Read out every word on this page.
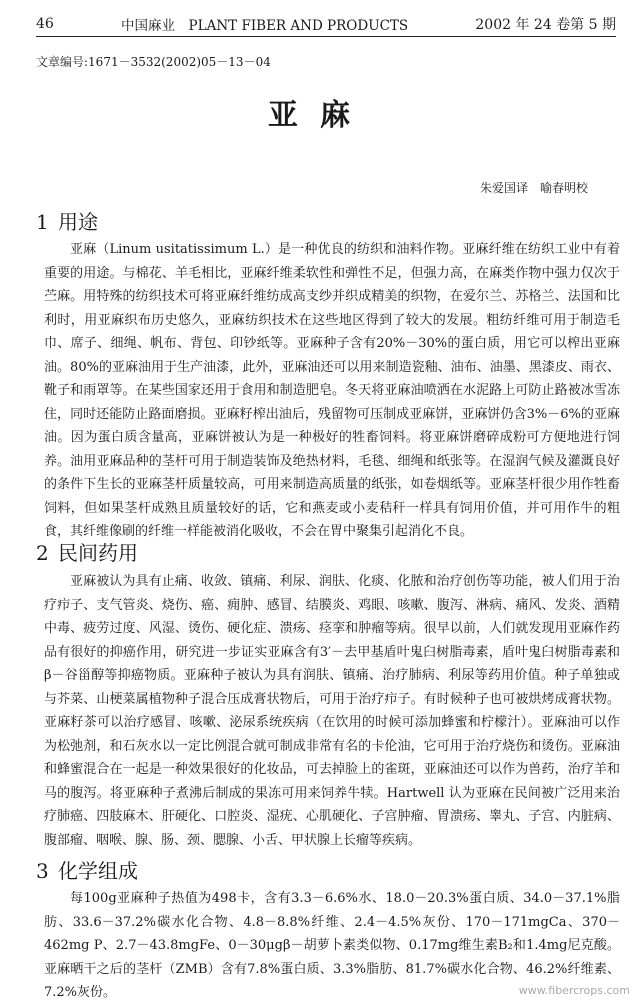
46	中国麻业　PLANT FIBER AND PRODUCTS	2002 年 24 卷第 5 期
文章编号:1671－3532(2002)05－13－04
亚麻
朱爱国译　喻春明校
1 用途

亚麻（Linum usitatissimum L.）是一种优良的纺织和油料作物。亚麻纤维在纺织工业中有着重要的用途。与棉花、羊毛相比，亚麻纤维柔软性和弹性不足，但强力高，在麻类作物中强力仅次于苎麻。用特殊的纺织技术可将亚麻纤维纺成高支纱并织成精美的织物，在爱尔兰、苏格兰、法国和比利时，用亚麻织布历史悠久，亚麻纺织技术在这些地区得到了较大的发展。粗纺纤维可用于制造毛巾、席子、细绳、帆布、背包、印钞纸等。亚麻种子含有20%－30%的蛋白质，用它可以榨出亚麻油。80%的亚麻油用于生产油漆，此外，亚麻油还可以用来制造瓷釉、油布、油墨、黑漆皮、雨衣、靴子和雨罩等。在某些国家还用于食用和制造肥皂。冬天将亚麻油喷洒在水泥路上可防止路被冰雪冻住，同时还能防止路面磨损。亚麻籽榨出油后，残留物可压制成亚麻饼，亚麻饼仍含3%－6%的亚麻油。因为蛋白质含量高，亚麻饼被认为是一种极好的牲畜饲料。将亚麻饼磨碎成粉可方便地进行饲养。油用亚麻品种的茎杆可用于制造装饰及绝热材料，毛毯、细绳和纸张等。在湿润气候及灌溉良好的条件下生长的亚麻茎杆质量较高，可用来制造高质量的纸张，如卷烟纸等。亚麻茎杆很少用作牲畜饲料，但如果茎杆成熟且质量较好的话，它和燕麦或小麦秸秆一样具有饲用价值，并可用作牛的粗食，其纤维像刷的纤维一样能被消化吸收，不会在胃中聚集引起消化不良。

2 民间药用

亚麻被认为具有止痛、收敛、镇痛、利尿、润肤、化痰、化脓和治疗创伤等功能，被人们用于治疗疖子、支气管炎、烧伤、癌、痈肿、感冒、结膜炎、鸡眼、咳嗽、腹泻、淋病、痛风、发炎、酒精中毒、疲劳过度、风湿、烫伤、硬化症、溃疡、痉挛和肿瘤等病。很早以前，人们就发现用亚麻作药品有很好的抑癌作用，研究进一步证实亚麻含有3′－去甲基盾叶鬼臼树脂毒素，盾叶鬼臼树脂毒素和β－谷甾醇等抑癌物质。亚麻种子被认为具有润肤、镇痛、治疗肺病、利尿等药用价值。种子单独或与芥菜、山梗菜属植物种子混合压成膏状物后，可用于治疗疖子。有时候种子也可被烘烤成膏状物。亚麻籽茶可以治疗感冒、咳嗽、泌尿系统疾病（在饮用的时候可添加蜂蜜和柠檬汁）。亚麻油可以作为松弛剂，和石灰水以一定比例混合就可制成非常有名的卡伦油，它可用于治疗烧伤和烫伤。亚麻油和蜂蜜混合在一起是一种效果很好的化妆品，可去掉脸上的雀斑，亚麻油还可以作为兽药，治疗羊和马的腹泻。将亚麻种子煮沸后制成的果冻可用来饲养牛犊。Hartwell 认为亚麻在民间被广泛用来治疗肺癌、四肢麻木、肝硬化、口腔炎、湿疣、心肌硬化、子宫肿瘤、胃溃疡、睾丸、子宫、内脏病、腹部瘤、咽喉、腺、肠、颈、腮腺、小舌、甲状腺上长瘤等疾病。

3 化学组成

每100g亚麻种子热值为498卡，含有3.3－6.6%水、18.0－20.3%蛋白质、34.0－37.1%脂肪、33.6－37.2%碳水化合物、4.8－8.8%纤维、2.4－4.5%灰份、170－171mgCa、370－462mg P、2.7－43.8mgFe、0－30μgβ－胡萝卜素类似物、0.17mg维生素B₂和1.4mg尼克酸。亚麻晒干之后的茎杆（ZMB）含有7.8%蛋白质、3.3%脂肪、81.7%碳水化合物、46.2%纤维素、7.2%灰份。	www.fibercrops.com
